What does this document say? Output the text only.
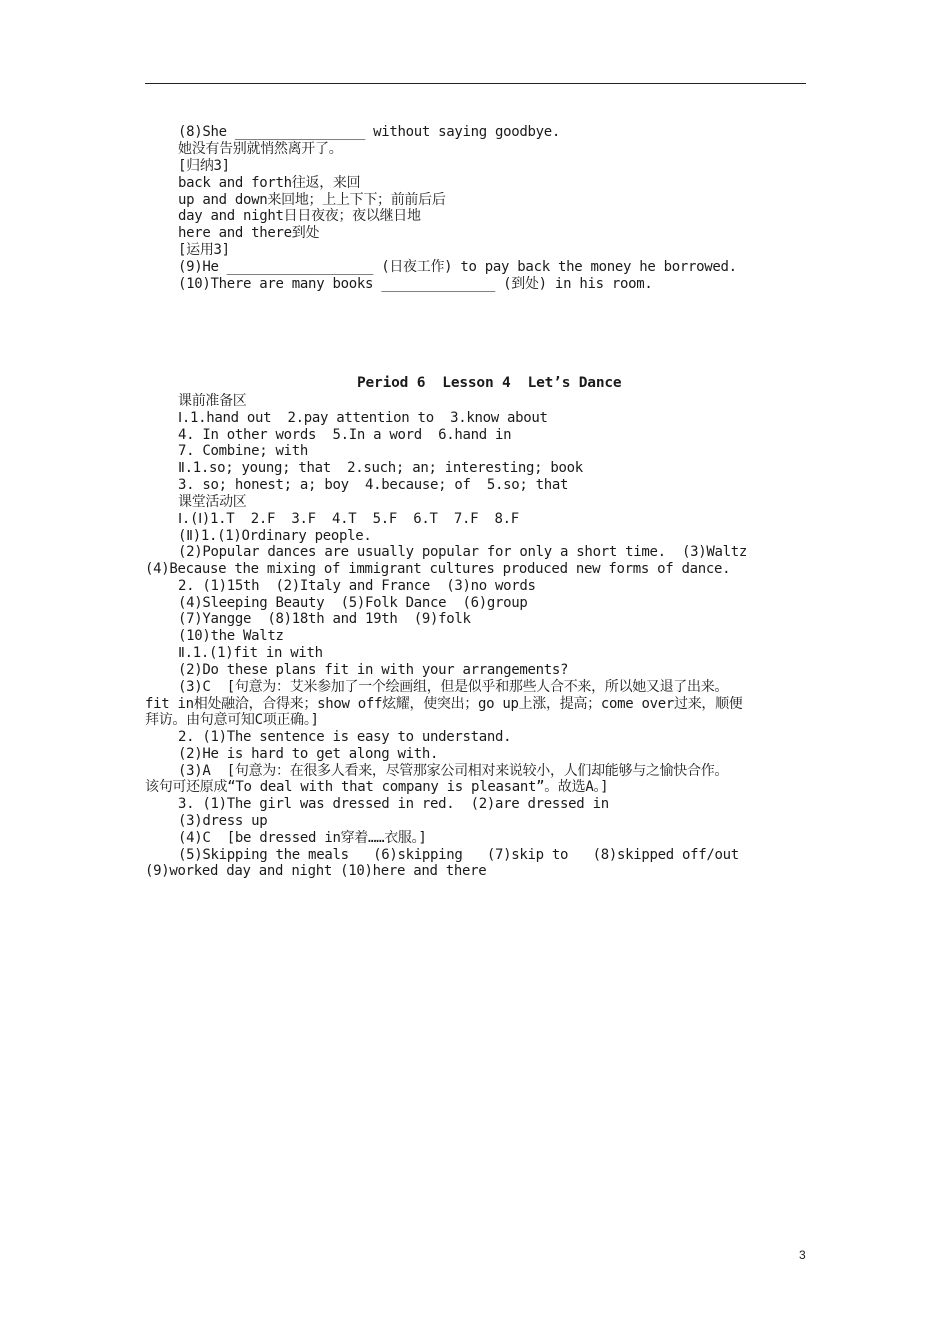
(8)She ________________ without saying goodbye.
她没有告别就悄然离开了。
[归纳3]
back and forth往返，来回
up and down来回地；上上下下；前前后后
day and night日日夜夜；夜以继日地
here and there到处
[运用3]
(9)He __________________ (日夜工作) to pay back the money he borrowed.
(10)There are many books ______________ (到处) in his room.
Period 6  Lesson 4  Let’s Dance
课前准备区
Ⅰ.1.hand out  2.pay attention to  3.know about
4. In other words  5.In a word  6.hand in
7. Combine; with
Ⅱ.1.so; young; that  2.such; an; interesting; book
3. so; honest; a; boy  4.because; of  5.so; that
课堂活动区
Ⅰ.(Ⅰ)1.T  2.F  3.F  4.T  5.F  6.T  7.F  8.F
(Ⅱ)1.(1)Ordinary people.
(2)Popular dances are usually popular for only a short time.  (3)Waltz
(4)Because the mixing of immigrant cultures produced new forms of dance.
2. (1)15th  (2)Italy and France  (3)no words
(4)Sleeping Beauty  (5)Folk Dance  (6)group
(7)Yangge  (8)18th and 19th  (9)folk
(10)the Waltz
Ⅱ.1.(1)fit in with
(2)Do these plans fit in with your arrangements?
(3)C  [句意为：艾米参加了一个绘画组，但是似乎和那些人合不来，所以她又退了出来。
fit in相处融洽，合得来；show off炫耀，使突出；go up上涨，提高；come over过来，顺便
拜访。由句意可知C项正确。]
2. (1)The sentence is easy to understand.
(2)He is hard to get along with.
(3)A  [句意为：在很多人看来，尽管那家公司相对来说较小，人们却能够与之愉快合作。
该句可还原成“To deal with that company is pleasant”。故选A。]
3. (1)The girl was dressed in red.  (2)are dressed in
(3)dress up
(4)C  [be dressed in穿着……衣服。]
(5)Skipping the meals   (6)skipping   (7)skip to   (8)skipped off/out
(9)worked day and night (10)here and there
3
